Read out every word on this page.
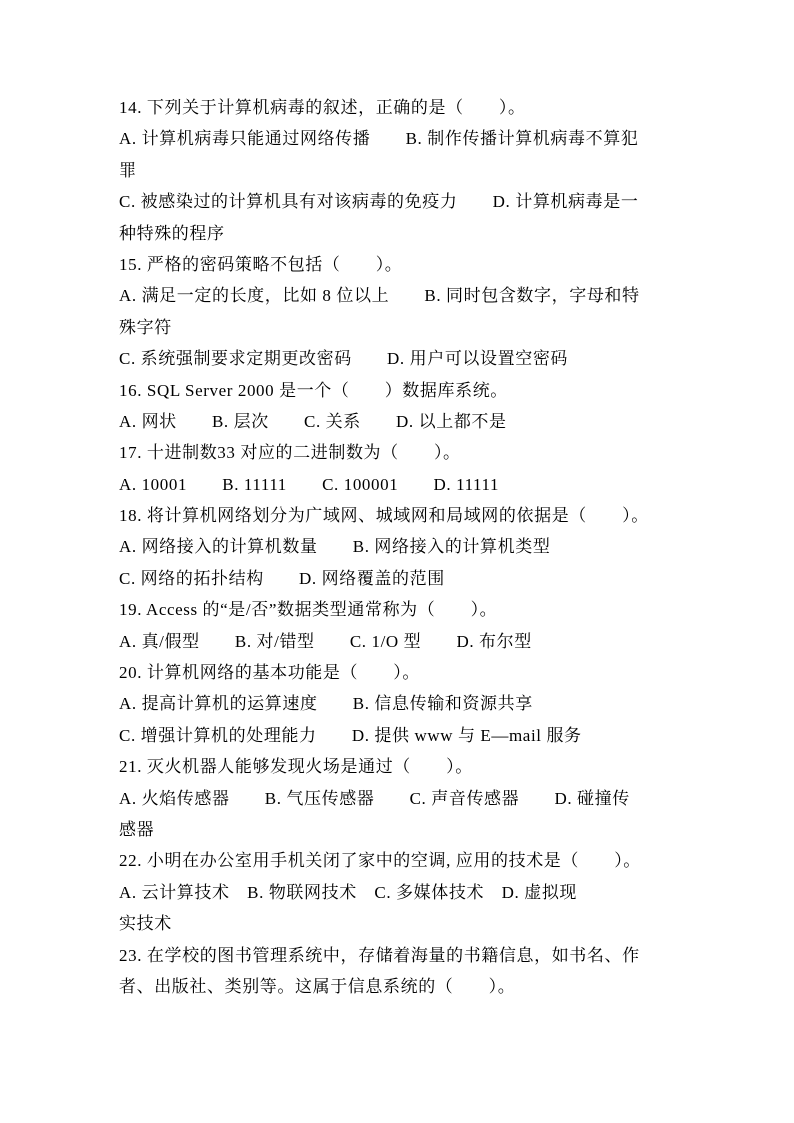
14. 下列关于计算机病毒的叙述，正确的是（　　）。
A. 计算机病毒只能通过网络传播　　B. 制作传播计算机病毒不算犯
罪
C. 被感染过的计算机具有对该病毒的免疫力　　D. 计算机病毒是一
种特殊的程序
15. 严格的密码策略不包括（　　）。
A. 满足一定的长度，比如 8 位以上　　B. 同时包含数字，字母和特
殊字符
C. 系统强制要求定期更改密码　　D. 用户可以设置空密码
16. SQL Server 2000 是一个（　　）数据库系统。
A. 网状　　B. 层次　　C. 关系　　D. 以上都不是
17. 十进制数33 对应的二进制数为（　　）。
A. 10001　　B. 11111　　C. 100001　　D. 11111
18. 将计算机网络划分为广域网、城域网和局域网的依据是（　　）。
A. 网络接入的计算机数量　　B. 网络接入的计算机类型
C. 网络的拓扑结构　　D. 网络覆盖的范围
19. Access 的“是/否”数据类型通常称为（　　）。
A. 真/假型　　B. 对/错型　　C. 1/O 型　　D. 布尔型
20. 计算机网络的基本功能是（　　）。
A. 提高计算机的运算速度　　B. 信息传输和资源共享
C. 增强计算机的处理能力　　D. 提供 www 与 E—mail 服务
21. 灭火机器人能够发现火场是通过（　　）。
A. 火焰传感器　　B. 气压传感器　　C. 声音传感器　　D. 碰撞传
感器
22. 小明在办公室用手机关闭了家中的空调, 应用的技术是（　　）。
A. 云计算技术　B. 物联网技术　C. 多媒体技术　D. 虚拟现
实技术
23. 在学校的图书管理系统中，存储着海量的书籍信息，如书名、作
者、出版社、类别等。这属于信息系统的（　　）。
